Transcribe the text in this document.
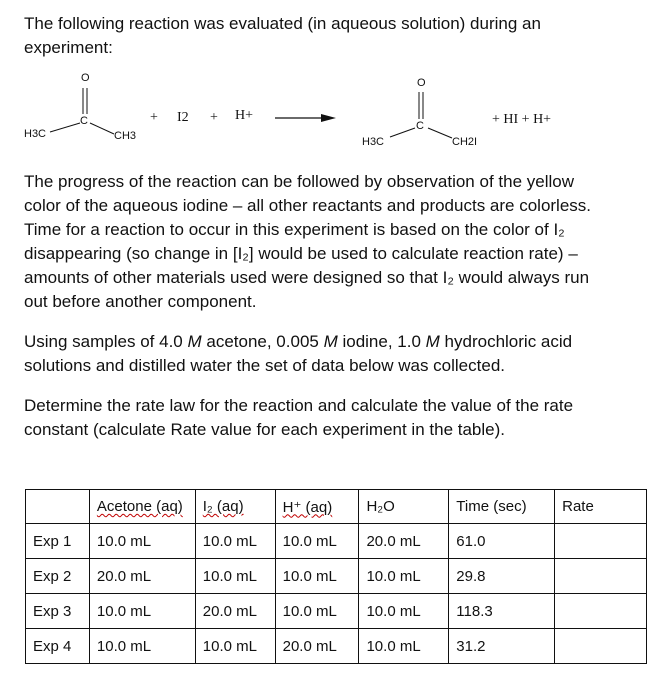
The following reaction was evaluated (in aqueous solution) during an
experiment:

O
C
H3C	CH3
+ I2 + H+
O
C
H3C	CH2I
+ HI + H+

The progress of the reaction can be followed by observation of the yellow
color of the aqueous iodine – all other reactants and products are colorless.
Time for a reaction to occur in this experiment is based on the color of I₂
disappearing (so change in [I₂] would be used to calculate reaction rate) –
amounts of other materials used were designed so that I₂ would always run
out before another component.

Using samples of 4.0 M acetone, 0.005 M iodine, 1.0 M hydrochloric acid
solutions and distilled water the set of data below was collected.

Determine the rate law for the reaction and calculate the value of the rate
constant (calculate Rate value for each experiment in the table).

	Acetone (aq)	I₂ (aq)	H⁺ (aq)	H₂O	Time (sec)	Rate
Exp 1	10.0 mL	10.0 mL	10.0 mL	20.0 mL	61.0	
Exp 2	20.0 mL	10.0 mL	10.0 mL	10.0 mL	29.8	
Exp 3	10.0 mL	20.0 mL	10.0 mL	10.0 mL	118.3	
Exp 4	10.0 mL	10.0 mL	20.0 mL	10.0 mL	31.2	
